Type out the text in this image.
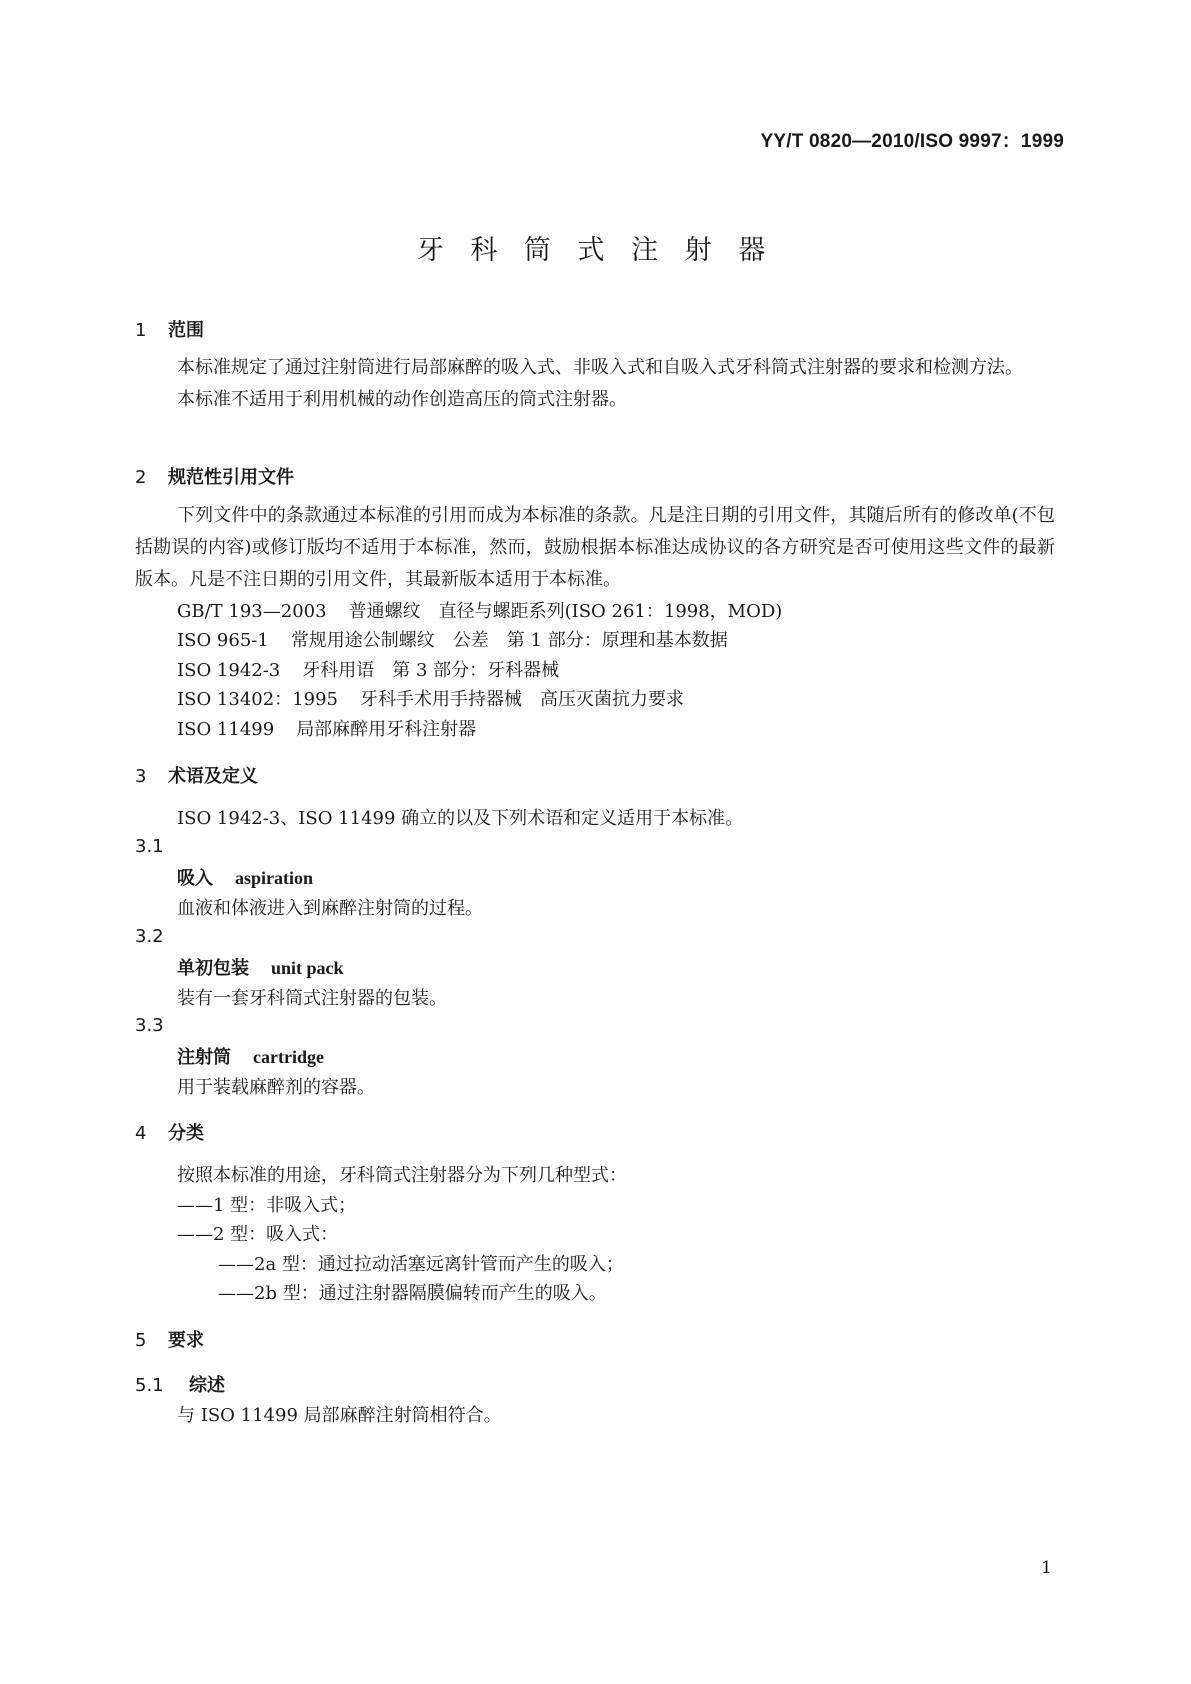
YY/T 0820—2010/ISO 9997：1999
牙 科 筒 式 注 射 器
1 范围

本标准规定了通过注射筒进行局部麻醉的吸入式、非吸入式和自吸入式牙科筒式注射器的要求和检测方法。

本标准不适用于利用机械的动作创造高压的筒式注射器。

2 规范性引用文件

下列文件中的条款通过本标准的引用而成为本标准的条款。凡是注日期的引用文件，其随后所有的修改单(不包括勘误的内容)或修订版均不适用于本标准，然而，鼓励根据本标准达成协议的各方研究是否可使用这些文件的最新版本。凡是不注日期的引用文件，其最新版本适用于本标准。

GB/T 193—2003 普通螺纹　直径与螺距系列(ISO 261：1998，MOD)
ISO 965-1 常规用途公制螺纹　公差　第 1 部分：原理和基本数据
ISO 1942-3 牙科用语　第 3 部分：牙科器械
ISO 13402：1995 牙科手术用手持器械　高压灭菌抗力要求
ISO 11499 局部麻醉用牙科注射器
3 术语及定义
ISO 1942-3、ISO 11499 确立的以及下列术语和定义适用于本标准。
3.1
吸入 aspiration
血液和体液进入到麻醉注射筒的过程。
3.2
单初包装 unit pack
装有一套牙科筒式注射器的包装。
3.3
注射筒 cartridge
用于装载麻醉剂的容器。
4 分类
按照本标准的用途，牙科筒式注射器分为下列几种型式：
——1 型：非吸入式；
——2 型：吸入式：
——2a 型：通过拉动活塞远离针管而产生的吸入；
——2b 型：通过注射器隔膜偏转而产生的吸入。
5 要求
5.1 综述
与 ISO 11499 局部麻醉注射筒相符合。
1
